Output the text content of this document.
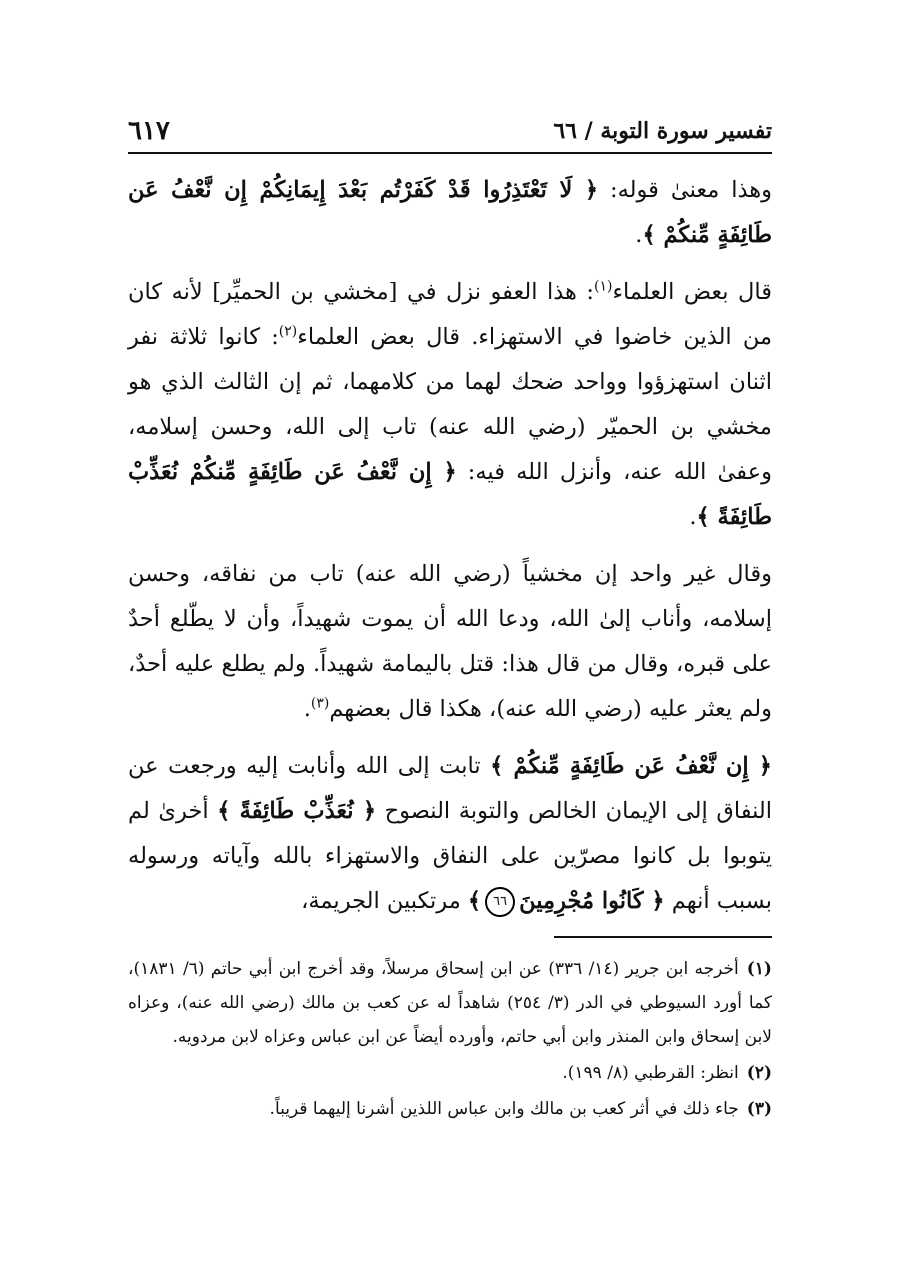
تفسير سورة التوبة / ٦٦
٦١٧

وهذا معنىٰ قوله: ﴿ لَا تَعْتَذِرُوا قَدْ كَفَرْتُم بَعْدَ إِيمَانِكُمْ إِن نَّعْفُ عَن طَائِفَةٍ مِّنكُمْ ﴾.

قال بعض العلماء$^{(١)}$: هذا العفو نزل في [مخشي بن الحميِّر] لأنه كان من الذين خاضوا في الاستهزاء. قال بعض العلماء$^{(٢)}$: كانوا ثلاثة نفر اثنان استهزؤوا وواحد ضحك لهما من كلامهما، ثم إن الثالث الذي هو مخشي بن الحميّر (رضي الله عنه) تاب إلى الله، وحسن إسلامه، وعفىٰ الله عنه، وأنزل الله فيه: ﴿ إِن نَّعْفُ عَن طَائِفَةٍ مِّنكُمْ نُعَذِّبْ طَائِفَةً ﴾.

وقال غير واحد إن مخشياً (رضي الله عنه) تاب من نفاقه، وحسن إسلامه، وأناب إلىٰ الله، ودعا الله أن يموت شهيداً، وأن لا يطّلع أحدٌ على قبره، وقال من قال هذا: قتل باليمامة شهيداً. ولم يطلع عليه أحدٌ، ولم يعثر عليه (رضي الله عنه)، هكذا قال بعضهم$^{(٣)}$.

﴿ إِن نَّعْفُ عَن طَائِفَةٍ مِّنكُمْ ﴾ تابت إلى الله وأنابت إليه ورجعت عن النفاق إلى الإيمان الخالص والتوبة النصوح ﴿ نُعَذِّبْ طَائِفَةً ﴾ أخرىٰ لم يتوبوا بل كانوا مصرّين على النفاق والاستهزاء بالله وآياته ورسوله بسبب أنهم ﴿ كَانُوا مُجْرِمِينَ٦٦﴾ مرتكبين الجريمة،

(١)أخرجه ابن جرير (١٤/ ٣٣٦) عن ابن إسحاق مرسلاً، وقد أخرج ابن أبي حاتم (٦/ ١٨٣١)، كما أورد السيوطي في الدر (٣/ ٢٥٤) شاهداً له عن كعب بن مالك (رضي الله عنه)، وعزاه لابن إسحاق وابن المنذر وابن أبي حاتم، وأورده أيضاً عن ابن عباس وعزاه لابن مردويه.
(٢)انظر: القرطبي (٨/ ١٩٩).
(٣)جاء ذلك في أثر كعب بن مالك وابن عباس اللذين أشرنا إليهما قريباً.
